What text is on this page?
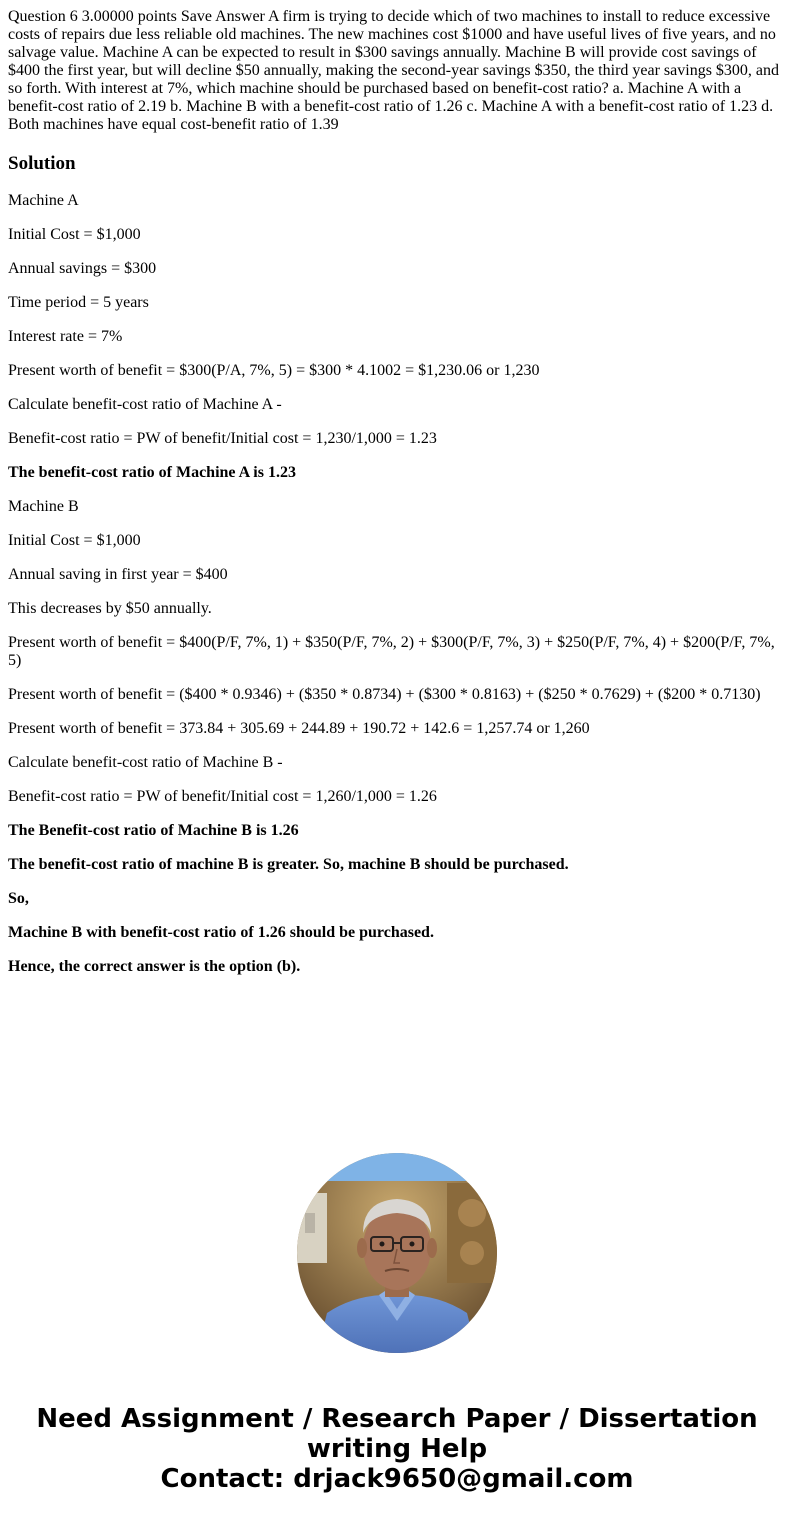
Question 6 3.00000 points Save Answer A firm is trying to decide which of two machines to install to reduce excessive costs of repairs due less reliable old machines. The new machines cost $1000 and have useful lives of five years, and no salvage value. Machine A can be expected to result in $300 savings annually. Machine B will provide cost savings of $400 the first year, but will decline $50 annually, making the second-year savings $350, the third year savings $300, and so forth. With interest at 7%, which machine should be purchased based on benefit-cost ratio? a. Machine A with a benefit-cost ratio of 2.19 b. Machine B with a benefit-cost ratio of 1.26 c. Machine A with a benefit-cost ratio of 1.23 d. Both machines have equal cost-benefit ratio of 1.39

Solution

Machine A

Initial Cost = $1,000

Annual savings = $300

Time period = 5 years

Interest rate = 7%

Present worth of benefit = $300(P/A, 7%, 5) = $300 * 4.1002 = $1,230.06 or 1,230

Calculate benefit-cost ratio of Machine A -

Benefit-cost ratio = PW of benefit/Initial cost = 1,230/1,000 = 1.23

The benefit-cost ratio of Machine A is 1.23

Machine B

Initial Cost = $1,000

Annual saving in first year = $400

This decreases by $50 annually.

Present worth of benefit = $400(P/F, 7%, 1) + $350(P/F, 7%, 2) + $300(P/F, 7%, 3) + $250(P/F, 7%, 4) + $200(P/F, 7%, 5)

Present worth of benefit = ($400 * 0.9346) + ($350 * 0.8734) + ($300 * 0.8163) + ($250 * 0.7629) + ($200 * 0.7130)

Present worth of benefit = 373.84 + 305.69 + 244.89 + 190.72 + 142.6 = 1,257.74 or 1,260

Calculate benefit-cost ratio of Machine B -

Benefit-cost ratio = PW of benefit/Initial cost = 1,260/1,000 = 1.26

The Benefit-cost ratio of Machine B is 1.26

The benefit-cost ratio of machine B is greater. So, machine B should be purchased.

So,

Machine B with benefit-cost ratio of 1.26 should be purchased.

Hence, the correct answer is the option (b).

Need Assignment / Research Paper / Dissertation
writing Help
Contact: drjack9650@gmail.com
